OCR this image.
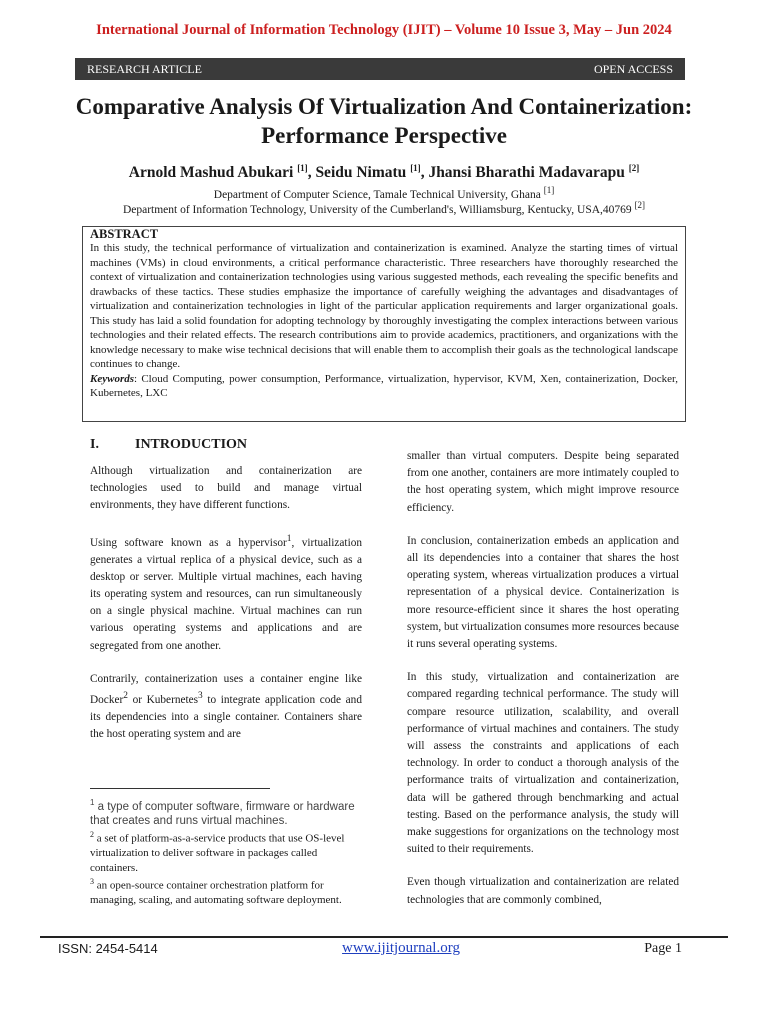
International Journal of Information Technology (IJIT) – Volume 10 Issue 3, May – Jun 2024
RESEARCH ARTICLE	OPEN ACCESS
Comparative Analysis Of Virtualization And Containerization:
Performance Perspective
Arnold Mashud Abukari [1], Seidu Nimatu [1], Jhansi Bharathi Madavarapu [2]
Department of Computer Science, Tamale Technical University, Ghana [1]
Department of Information Technology, University of the Cumberland's, Williamsburg, Kentucky, USA,40769 [2]
ABSTRACT
In this study, the technical performance of virtualization and containerization is examined. Analyze the starting times of virtual machines (VMs) in cloud environments, a critical performance characteristic. Three researchers have thoroughly researched the context of virtualization and containerization technologies using various suggested methods, each revealing the specific benefits and drawbacks of these tactics. These studies emphasize the importance of carefully weighing the advantages and disadvantages of virtualization and containerization technologies in light of the particular application requirements and larger organizational goals. This study has laid a solid foundation for adopting technology by thoroughly investigating the complex interactions between various technologies and their related effects. The research contributions aim to provide academics, practitioners, and organizations with the knowledge necessary to make wise technical decisions that will enable them to accomplish their goals as the technological landscape continues to change.
Keywords: Cloud Computing, power consumption, Performance, virtualization, hypervisor, KVM, Xen, containerization, Docker, Kubernetes, LXC
I.	INTRODUCTION

Although virtualization and containerization are technologies used to build and manage virtual environments, they have different functions.

Using software known as a hypervisor$^1$, virtualization generates a virtual replica of a physical device, such as a desktop or server. Multiple virtual machines, each having its operating system and resources, can run simultaneously on a single physical machine. Virtual machines can run various operating systems and applications and are segregated from one another.

Contrarily, containerization uses a container engine like Docker$^2$ or Kubernetes$^3$ to integrate application code and its dependencies into a single container. Containers share the host operating system and are

smaller than virtual computers. Despite being separated from one another, containers are more intimately coupled to the host operating system, which might improve resource efficiency.

In conclusion, containerization embeds an application and all its dependencies into a container that shares the host operating system, whereas virtualization produces a virtual representation of a physical device. Containerization is more resource-efficient since it shares the host operating system, but virtualization consumes more resources because it runs several operating systems.

In this study, virtualization and containerization are compared regarding technical performance. The study will compare resource utilization, scalability, and overall performance of virtual machines and containers. The study will assess the constraints and applications of each technology. In order to conduct a thorough analysis of the performance traits of virtualization and containerization, data will be gathered through benchmarking and actual testing. Based on the performance analysis, the study will make suggestions for organizations on the technology most suited to their requirements.

Even though virtualization and containerization are related technologies that are commonly combined,

$^1$ a type of computer software, firmware or hardware that creates and runs virtual machines.
$^2$ a set of platform-as-a-service products that use OS-level virtualization to deliver software in packages called containers.
$^3$ an open-source container orchestration platform for managing, scaling, and automating software deployment.
ISSN: 2454-5414	www.ijitjournal.org	Page 1
